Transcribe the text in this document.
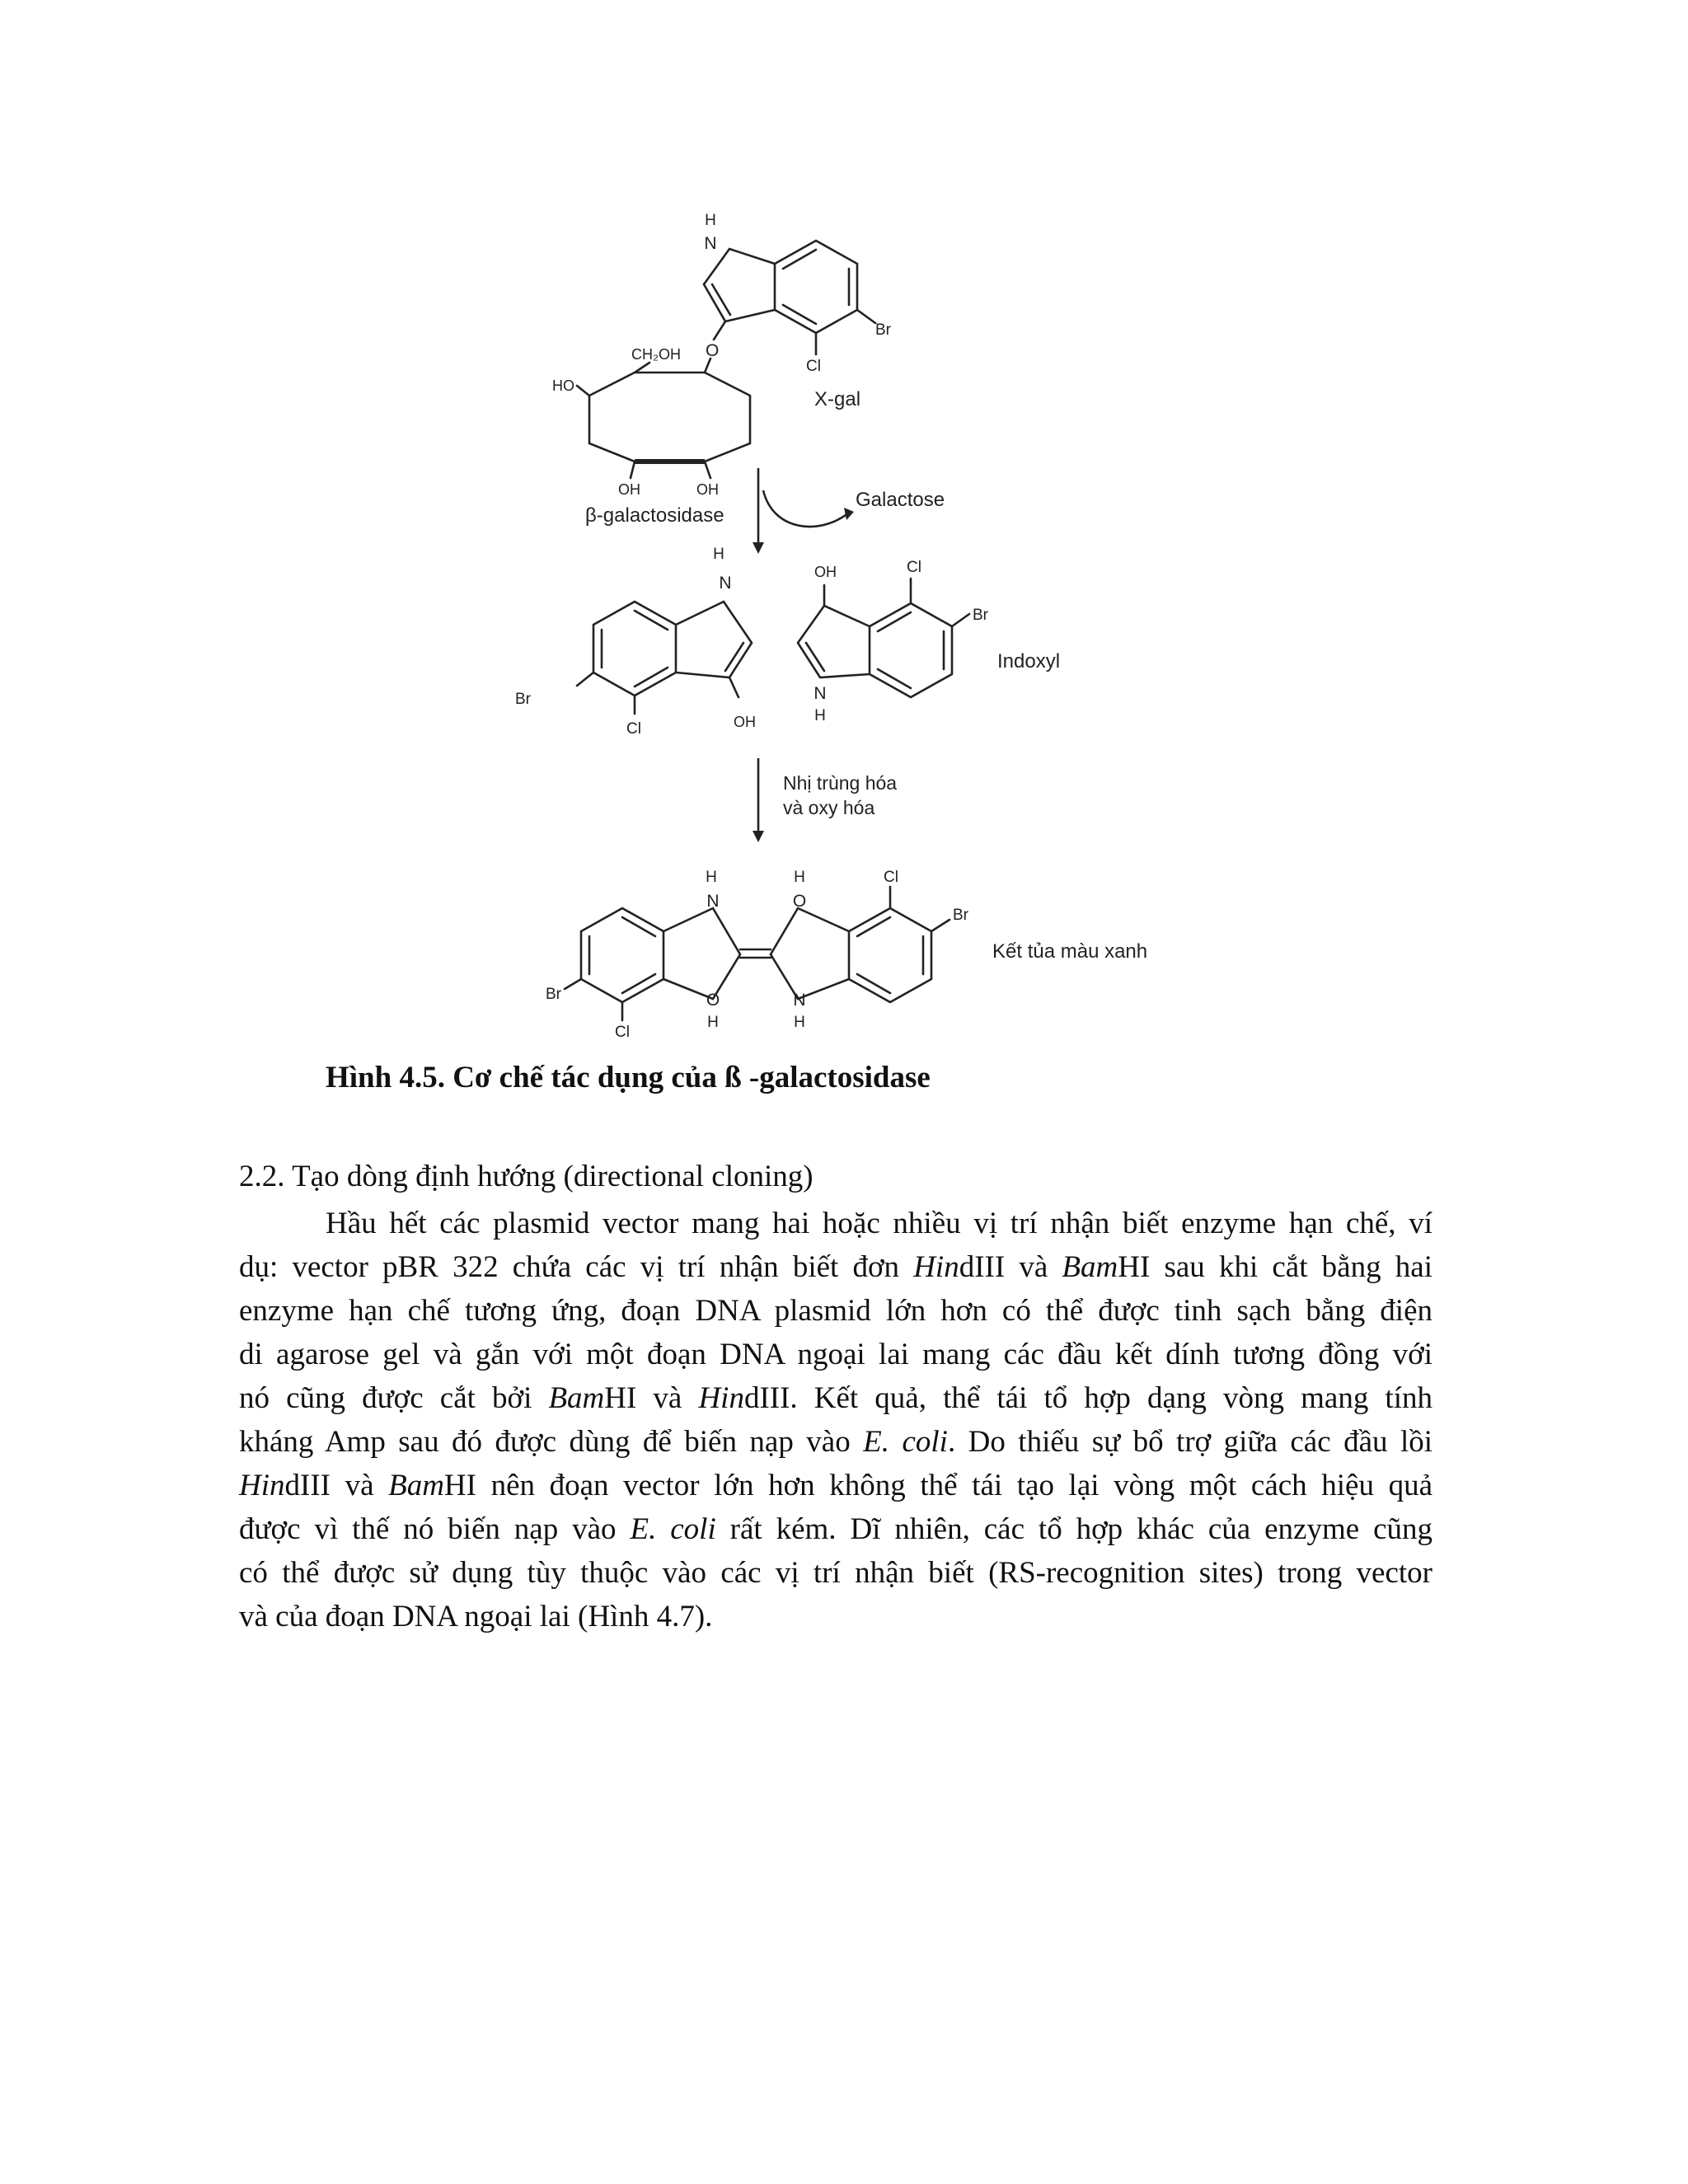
H
N
Br
Cl
O
CH₂OH
HO
OH	OH
X-gal
β-galactosidase
Galactose
H
N
Br
Cl	OH
OH	Cl
Br
N
H
Indoxyl
Nhị trùng hóa
và oxy hóa
H
N
O
H
H
O
N
H
Cl
Br
Br
Cl
Kết tủa màu xanh
Hình 4.5. Cơ chế tác dụng của ß -galactosidase
2.2. Tạo dòng định hướng (directional cloning)
Hầu hết các plasmid vector mang hai hoặc nhiều vị trí nhận biết enzyme hạn chế, ví
dụ: vector pBR 322 chứa các vị trí nhận biết đơn HindIII và BamHI sau khi cắt bằng hai
enzyme hạn chế tương ứng, đoạn DNA plasmid lớn hơn có thể được tinh sạch bằng điện
di agarose gel và gắn với một đoạn DNA ngoại lai mang các đầu kết dính tương đồng với
nó cũng được cắt bởi BamHI và HindIII. Kết quả, thể tái tổ hợp dạng vòng mang tính
kháng Amp sau đó được dùng để biến nạp vào E. coli. Do thiếu sự bổ trợ giữa các đầu lồi
HindIII và BamHI nên đoạn vector lớn hơn không thể tái tạo lại vòng một cách hiệu quả
được vì thế nó biến nạp vào E. coli rất kém. Dĩ nhiên, các tổ hợp khác của enzyme cũng
có thể được sử dụng tùy thuộc vào các vị trí nhận biết (RS-recognition sites) trong vector
và của đoạn DNA ngoại lai (Hình 4.7).
